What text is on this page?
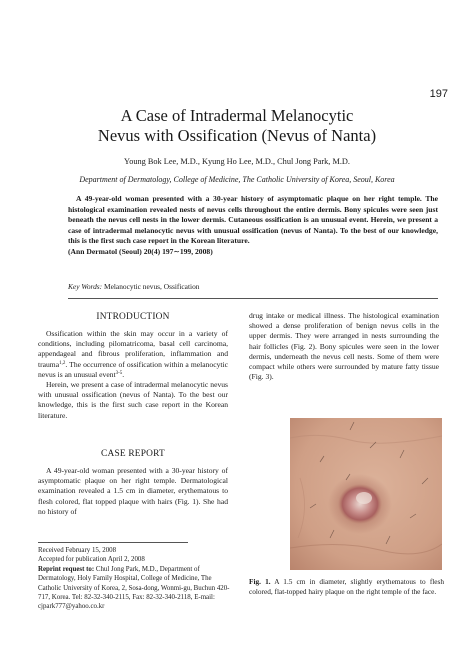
197
A Case of Intradermal Melanocytic
Nevus with Ossification (Nevus of Nanta)
Young Bok Lee, M.D., Kyung Ho Lee, M.D., Chul Jong Park, M.D.
Department of Dermatology, College of Medicine, The Catholic University of Korea, Seoul, Korea

A 49-year-old woman presented with a 30-year history of asymptomatic plaque on her right temple. The histological examination revealed nests of nevus cells throughout the entire dermis. Bony spicules were seen just beneath the nevus cell nests in the lower dermis. Cutaneous ossification is an unusual event. Herein, we present a case of intradermal melanocytic nevus with unusual ossification (nevus of Nanta). To the best of our knowledge, this is the first such case report in the Korean literature.

(Ann Dermatol (Seoul) 20(4) 197∼199, 2008)

Key Words: Melanocytic nevus, Ossification
INTRODUCTION

Ossification within the skin may occur in a variety of conditions, including pilomatricoma, basal cell carcinoma, appendageal and fibrous proliferation, inflammation and trauma$^{1,2}$. The occurrence of ossification within a melanocytic nevus is an unusual event$^{3-5}$.

Herein, we present a case of intradermal melanocytic nevus with unusual ossification (nevus of Nanta). To the best our knowledge, this is the first such case report in the Korean literature.

CASE REPORT

A 49-year-old woman presented with a 30-year history of asymptomatic plaque on her right temple. Dermatological examination revealed a 1.5 cm in diameter, erythematous to flesh colored, flat topped plaque with hairs (Fig. 1). She had no history of

Received February 15, 2008

Accepted for publication April 2, 2008

Reprint request to: Chul Jong Park, M.D., Department of Dermatology, Holy Family Hospital, College of Medicine, The Catholic University of Korea, 2, Sosa-dong, Wonmi-gu, Buchun 420-717, Korea. Tel: 82-32-340-2115, Fax: 82-32-340-2118, E-mail: cjpark777@yahoo.co.kr

drug intake or medical illness. The histological examination showed a dense proliferation of benign nevus cells in the upper dermis. They were arranged in nests surrounding the hair follicles (Fig. 2). Bony spicules were seen in the lower dermis, underneath the nevus cell nests. Some of them were compact while others were surrounded by mature fatty tissue (Fig. 3).

Fig. 1. A 1.5 cm in diameter, slightly erythematous to flesh colored, flat-topped hairy plaque on the right temple of the face.
